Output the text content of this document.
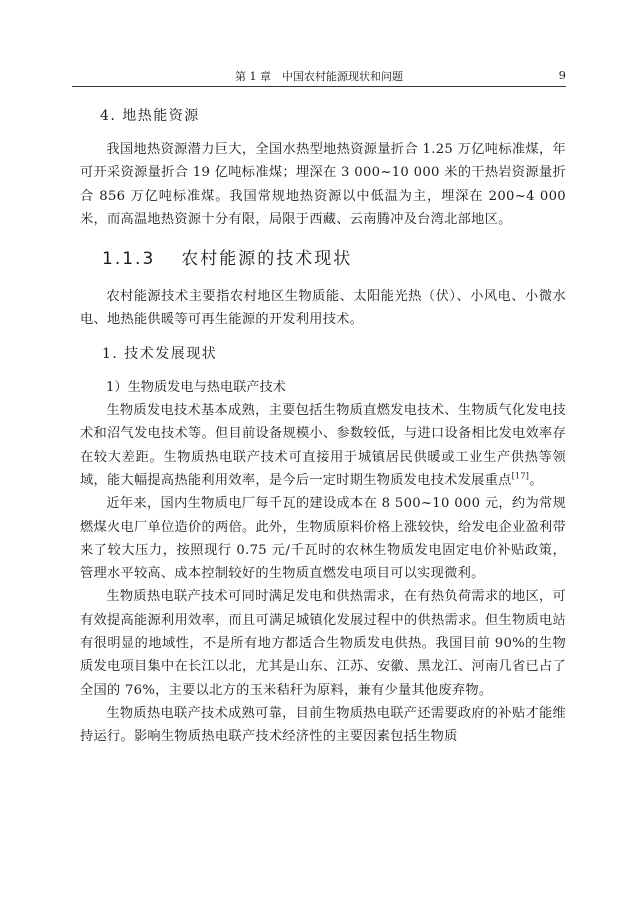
第 1 章　中国农村能源现状和问题	9
4. 地热能资源

我国地热资源潜力巨大，全国水热型地热资源量折合 1.25 万亿吨标准煤，年可开采资源量折合 19 亿吨标准煤；埋深在 3 000~10 000 米的干热岩资源量折合 856 万亿吨标准煤。我国常规地热资源以中低温为主，埋深在 200~4 000 米，而高温地热资源十分有限，局限于西藏、云南腾冲及台湾北部地区。

1.1.3 农村能源的技术现状

农村能源技术主要指农村地区生物质能、太阳能光热（伏）、小风电、小微水电、地热能供暖等可再生能源的开发利用技术。

1. 技术发展现状
1）生物质发电与热电联产技术

生物质发电技术基本成熟，主要包括生物质直燃发电技术、生物质气化发电技术和沼气发电技术等。但目前设备规模小、参数较低，与进口设备相比发电效率存在较大差距。生物质热电联产技术可直接用于城镇居民供暖或工业生产供热等领域，能大幅提高热能利用效率，是今后一定时期生物质发电技术发展重点[17]。

近年来，国内生物质电厂每千瓦的建设成本在 8 500~10 000 元，约为常规燃煤火电厂单位造价的两倍。此外，生物质原料价格上涨较快，给发电企业盈利带来了较大压力，按照现行 0.75 元/千瓦时的农林生物质发电固定电价补贴政策，管理水平较高、成本控制较好的生物质直燃发电项目可以实现微利。

生物质热电联产技术可同时满足发电和供热需求，在有热负荷需求的地区，可有效提高能源利用效率，而且可满足城镇化发展过程中的供热需求。但生物质电站有很明显的地域性，不是所有地方都适合生物质发电供热。我国目前 90%的生物质发电项目集中在长江以北，尤其是山东、江苏、安徽、黑龙江、河南几省已占了全国的 76%，主要以北方的玉米秸秆为原料，兼有少量其他废弃物。

生物质热电联产技术成熟可靠，目前生物质热电联产还需要政府的补贴才能维持运行。影响生物质热电联产技术经济性的主要因素包括生物质
